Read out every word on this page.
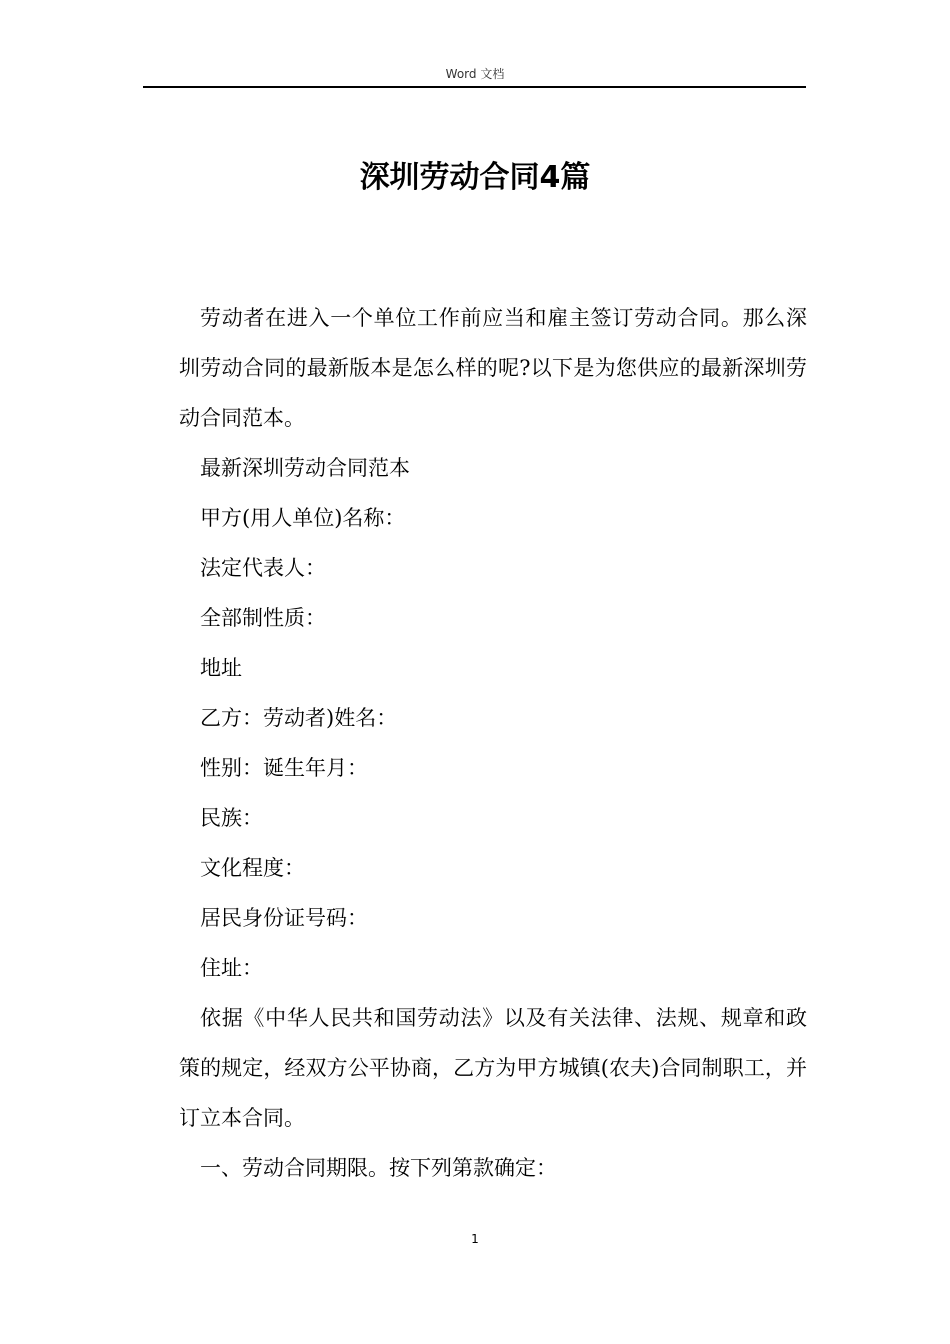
Word 文档
深圳劳动合同4篇

劳动者在进入一个单位工作前应当和雇主签订劳动合同。那么深圳劳动合同的最新版本是怎么样的呢?以下是为您供应的最新深圳劳动合同范本。

最新深圳劳动合同范本

甲方(用人单位)名称：

法定代表人：

全部制性质：

地址

乙方：劳动者)姓名：

性别：诞生年月：

民族：

文化程度：

居民身份证号码：

住址：

依据《中华人民共和国劳动法》以及有关法律、法规、规章和政策的规定，经双方公平协商，乙方为甲方城镇(农夫)合同制职工，并订立本合同。

一、劳动合同期限。按下列第款确定：

1
